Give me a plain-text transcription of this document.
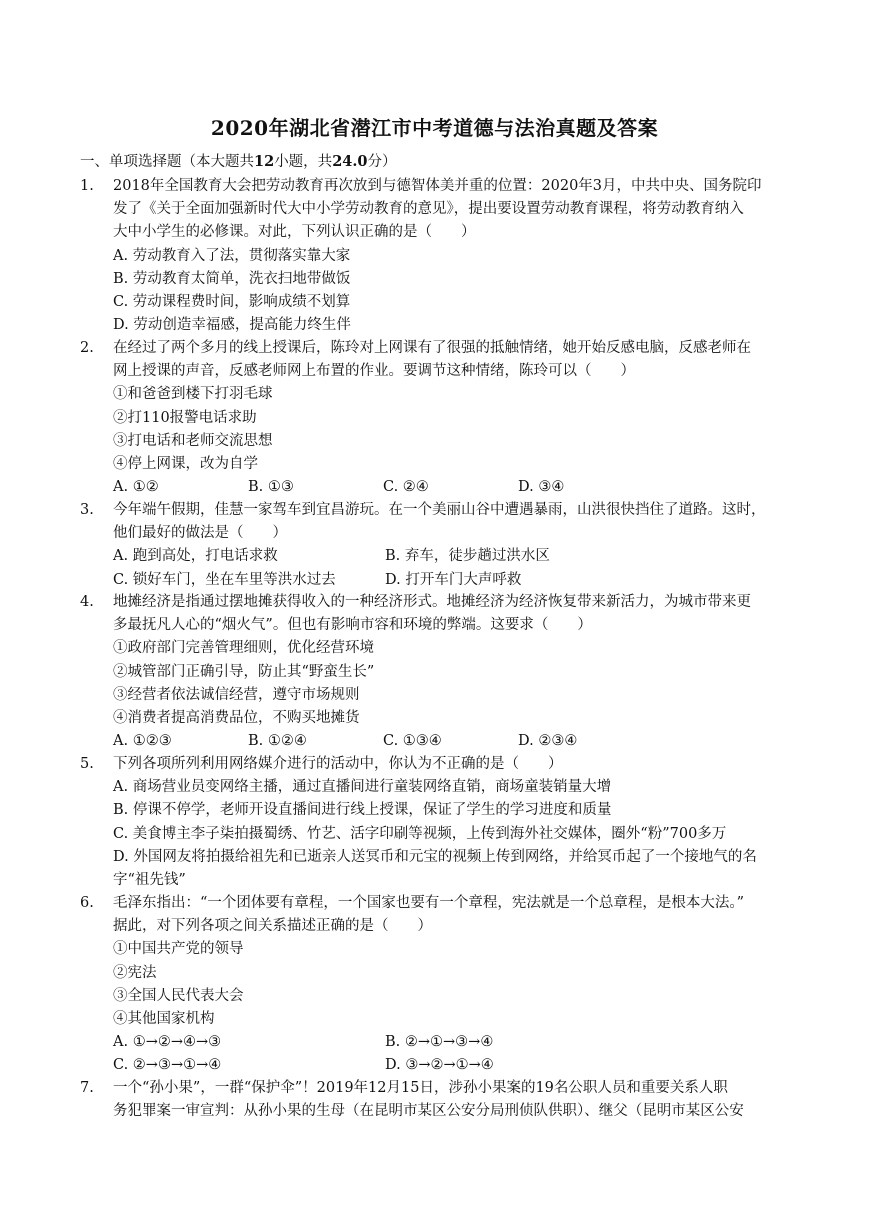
2020年湖北省潜江市中考道德与法治真题及答案
一、单项选择题（本大题共12小题，共24.0分）
1.	2018年全国教育大会把劳动教育再次放到与德智体美并重的位置：2020年3月，中共中央、国务院印
发了《关于全面加强新时代大中小学劳动教育的意见》，提出要设置劳动教育课程，将劳动教育纳入
大中小学生的必修课。对此，下列认识正确的是（　　）
A. 劳动教育入了法，贯彻落实靠大家
B. 劳动教育太简单，洗衣扫地带做饭
C. 劳动课程费时间，影响成绩不划算
D. 劳动创造幸福感，提高能力终生伴
2.	在经过了两个多月的线上授课后，陈玲对上网课有了很强的抵触情绪，她开始反感电脑，反感老师在
网上授课的声音，反感老师网上布置的作业。要调节这种情绪，陈玲可以（　　）
①和爸爸到楼下打羽毛球
②打110报警电话求助
③打电话和老师交流思想
④停上网课，改为自学
A. ①②	B. ①③	C. ②④	D. ③④
3.	今年端午假期，佳慧一家驾车到宜昌游玩。在一个美丽山谷中遭遇暴雨，山洪很快挡住了道路。这时，
他们最好的做法是（　　）
A. 跑到高处，打电话求救	B. 弃车，徒步趟过洪水区
C. 锁好车门，坐在车里等洪水过去	D. 打开车门大声呼救
4.	地摊经济是指通过摆地摊获得收入的一种经济形式。地摊经济为经济恢复带来新活力，为城市带来更
多最抚凡人心的“烟火气”。但也有影响市容和环境的弊端。这要求（　　）
①政府部门完善管理细则，优化经营环境
②城管部门正确引导，防止其“野蛮生长”
③经营者依法诚信经营，遵守市场规则
④消费者提高消费品位，不购买地摊货
A. ①②③	B. ①②④	C. ①③④	D. ②③④
5.	下列各项所列利用网络媒介进行的活动中，你认为不正确的是（　　）
A. 商场营业员变网络主播，通过直播间进行童装网络直销，商场童装销量大增
B. 停课不停学，老师开设直播间进行线上授课，保证了学生的学习进度和质量
C. 美食博主李子柒拍摄蜀绣、竹艺、活字印刷等视频，上传到海外社交媒体，圈外“粉”700多万
D. 外国网友将拍摄给祖先和已逝亲人送冥币和元宝的视频上传到网络，并给冥币起了一个接地气的名
字“祖先钱”
6.	毛泽东指出：“一个团体要有章程，一个国家也要有一个章程，宪法就是一个总章程，是根本大法。”
据此，对下列各项之间关系描述正确的是（　　）
①中国共产党的领导
②宪法
③全国人民代表大会
④其他国家机构
A. ①→②→④→③	B. ②→①→③→④
C. ②→③→①→④	D. ③→②→①→④
7.	一个“孙小果”，一群“保护伞”！2019年12月15日，涉孙小果案的19名公职人员和重要关系人职
务犯罪案一审宣判：从孙小果的生母（在昆明市某区公安分局刑侦队供职）、继父（昆明市某区公安
